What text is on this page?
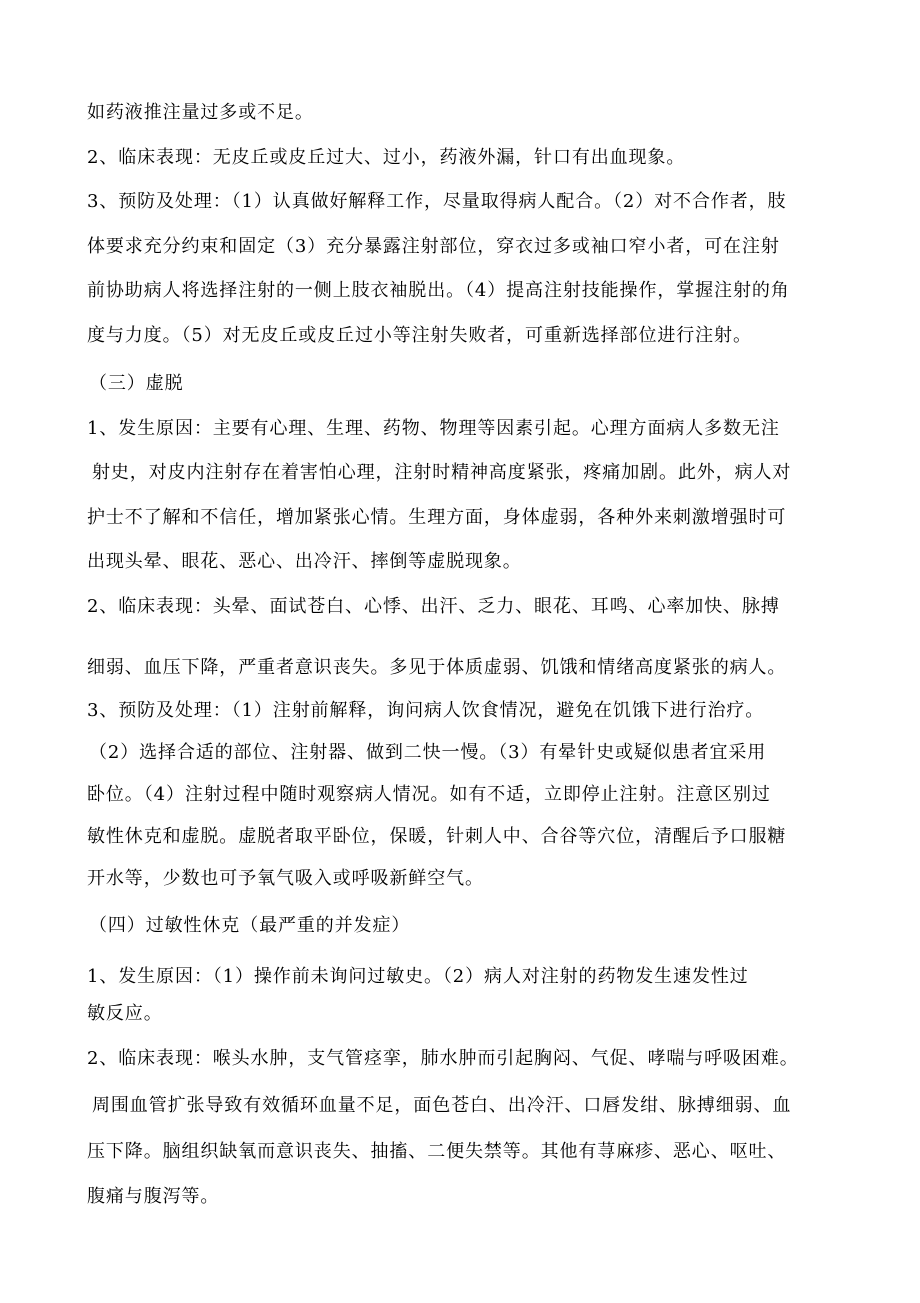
如药液推注量过多或不足。

2、临床表现：无皮丘或皮丘过大、过小，药液外漏，针口有出血现象。

3、预防及处理：（1）认真做好解释工作，尽量取得病人配合。（2）对不合作者，肢

体要求充分约束和固定（3）充分暴露注射部位，穿衣过多或袖口窄小者，可在注射

前协助病人将选择注射的一侧上肢衣袖脱出。（4）提高注射技能操作，掌握注射的角

度与力度。（5）对无皮丘或皮丘过小等注射失败者，可重新选择部位进行注射。

（三）虚脱

1、发生原因：主要有心理、生理、药物、物理等因素引起。心理方面病人多数无注

射史，对皮内注射存在着害怕心理，注射时精神高度紧张，疼痛加剧。此外，病人对

护士不了解和不信任，增加紧张心情。生理方面，身体虚弱，各种外来刺激增强时可

出现头晕、眼花、恶心、出冷汗、摔倒等虚脱现象。

2、临床表现：头晕、面试苍白、心悸、出汗、乏力、眼花、耳鸣、心率加快、脉搏

细弱、血压下降，严重者意识丧失。多见于体质虚弱、饥饿和情绪高度紧张的病人。

3、预防及处理：（1）注射前解释，询问病人饮食情况，避免在饥饿下进行治疗。

（2）选择合适的部位、注射器、做到二快一慢。（3）有晕针史或疑似患者宜采用

卧位。（4）注射过程中随时观察病人情况。如有不适，立即停止注射。注意区别过

敏性休克和虚脱。虚脱者取平卧位，保暖，针刺人中、合谷等穴位，清醒后予口服糖

开水等，少数也可予氧气吸入或呼吸新鲜空气。

（四）过敏性休克（最严重的并发症）

1、发生原因：（1）操作前未询问过敏史。（2）病人对注射的药物发生速发性过

敏反应。

2、临床表现：喉头水肿，支气管痉挛，肺水肿而引起胸闷、气促、哮喘与呼吸困难。

周围血管扩张导致有效循环血量不足，面色苍白、出冷汗、口唇发绀、脉搏细弱、血

压下降。脑组织缺氧而意识丧失、抽搐、二便失禁等。其他有荨麻疹、恶心、呕吐、

腹痛与腹泻等。
